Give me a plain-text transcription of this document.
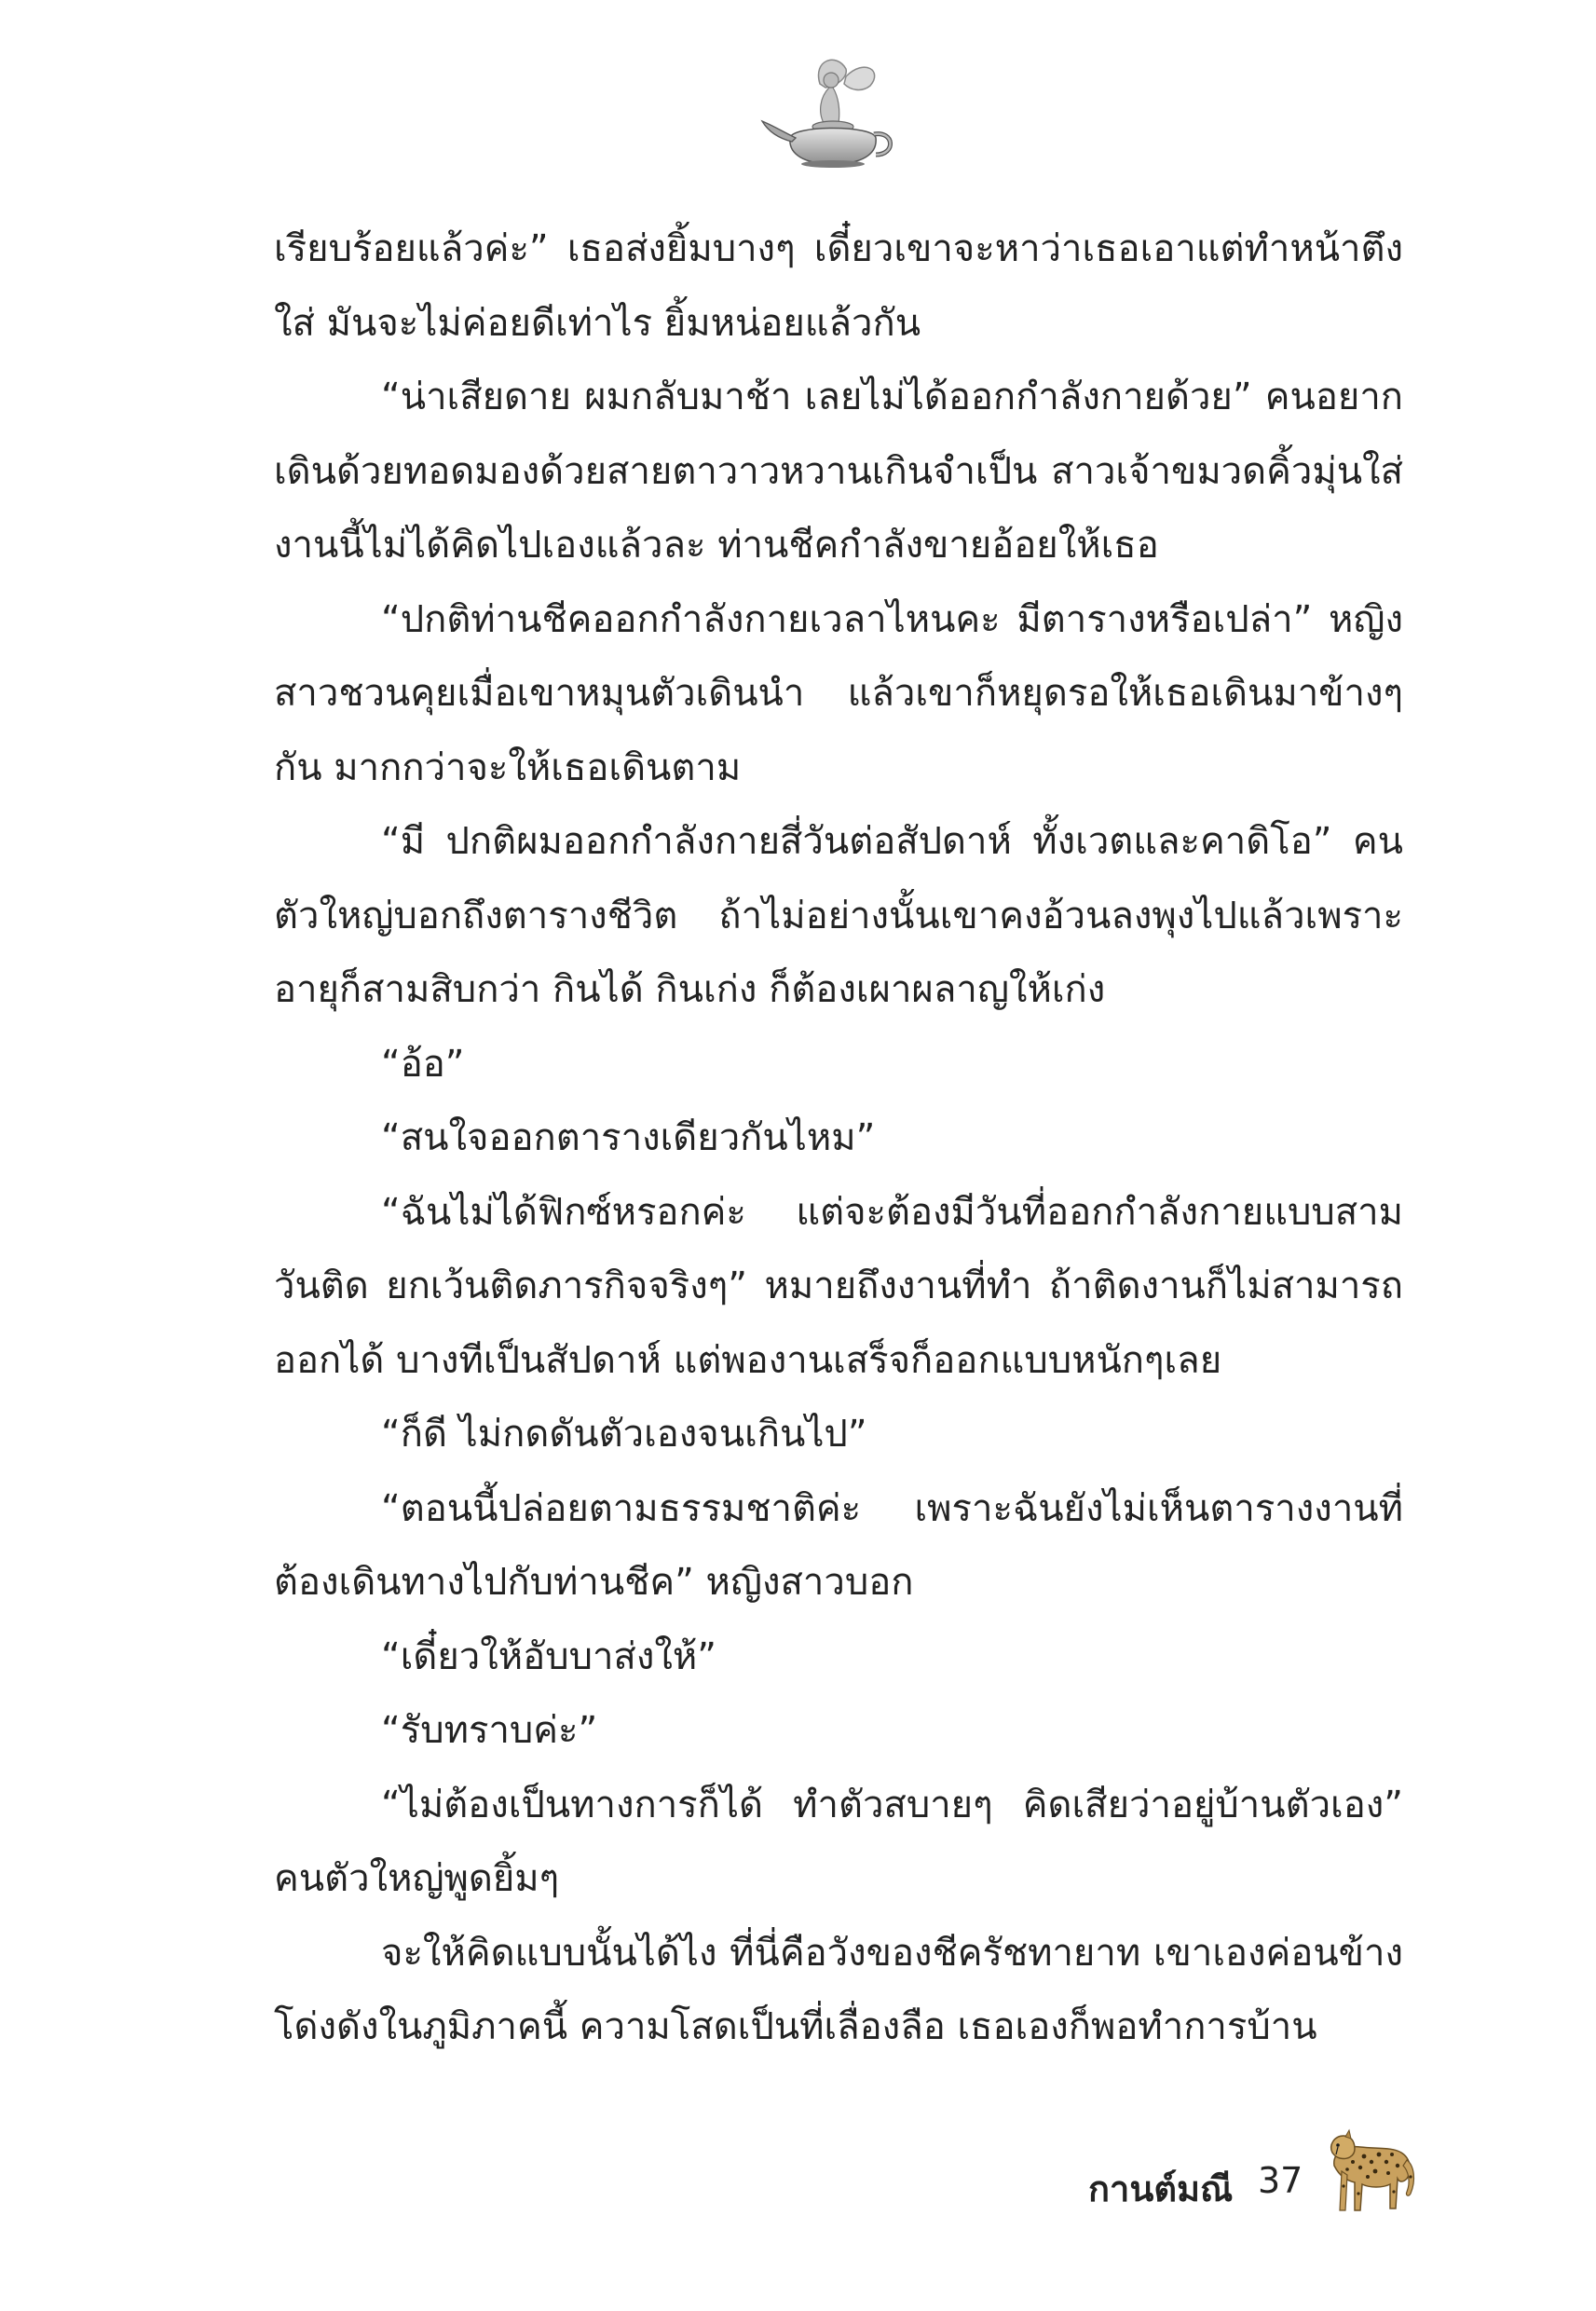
เรียบร้อยแล้วค่ะ” เธอส่งยิ้มบางๆ เดี๋ยวเขาจะหาว่าเธอเอาแต่ทำหน้าตึงใส่ มันจะไม่ค่อยดีเท่าไร ยิ้มหน่อยแล้วกัน

“น่าเสียดาย ผมกลับมาช้า เลยไม่ได้ออกกำลังกายด้วย” คนอยากเดินด้วยทอดมองด้วยสายตาวาวหวานเกินจำเป็น สาวเจ้าขมวดคิ้วมุ่นใส่ งานนี้ไม่ได้คิดไปเองแล้วละ ท่านชีคกำลังขายอ้อยให้เธอ

“ปกติท่านชีคออกกำลังกายเวลาไหนคะ มีตารางหรือเปล่า” หญิงสาวชวนคุยเมื่อเขาหมุนตัวเดินนำ แล้วเขาก็หยุดรอให้เธอเดินมาข้างๆ กัน มากกว่าจะให้เธอเดินตาม

“มี ปกติผมออกกำลังกายสี่วันต่อสัปดาห์ ทั้งเวตและคาดิโอ” คนตัวใหญ่บอกถึงตารางชีวิต ถ้าไม่อย่างนั้นเขาคงอ้วนลงพุงไปแล้วเพราะอายุก็สามสิบกว่า กินได้ กินเก่ง ก็ต้องเผาผลาญให้เก่ง

“อ้อ”

“สนใจออกตารางเดียวกันไหม”

“ฉันไม่ได้ฟิกซ์หรอกค่ะ แต่จะต้องมีวันที่ออกกำลังกายแบบสามวันติด ยกเว้นติดภารกิจจริงๆ” หมายถึงงานที่ทำ ถ้าติดงานก็ไม่สามารถออกได้ บางทีเป็นสัปดาห์ แต่พองานเสร็จก็ออกแบบหนักๆเลย

“ก็ดี ไม่กดดันตัวเองจนเกินไป”

“ตอนนี้ปล่อยตามธรรมชาติค่ะ เพราะฉันยังไม่เห็นตารางงานที่ต้องเดินทางไปกับท่านชีค” หญิงสาวบอก

“เดี๋ยวให้อับบาส่งให้”

“รับทราบค่ะ”

“ไม่ต้องเป็นทางการก็ได้ ทำตัวสบายๆ คิดเสียว่าอยู่บ้านตัวเอง” คนตัวใหญ่พูดยิ้มๆ

จะให้คิดแบบนั้นได้ไง ที่นี่คือวังของชีครัชทายาท เขาเองค่อนข้างโด่งดังในภูมิภาคนี้ ความโสดเป็นที่เลื่องลือ เธอเองก็พอทำการบ้าน

กานต์มณี 37
